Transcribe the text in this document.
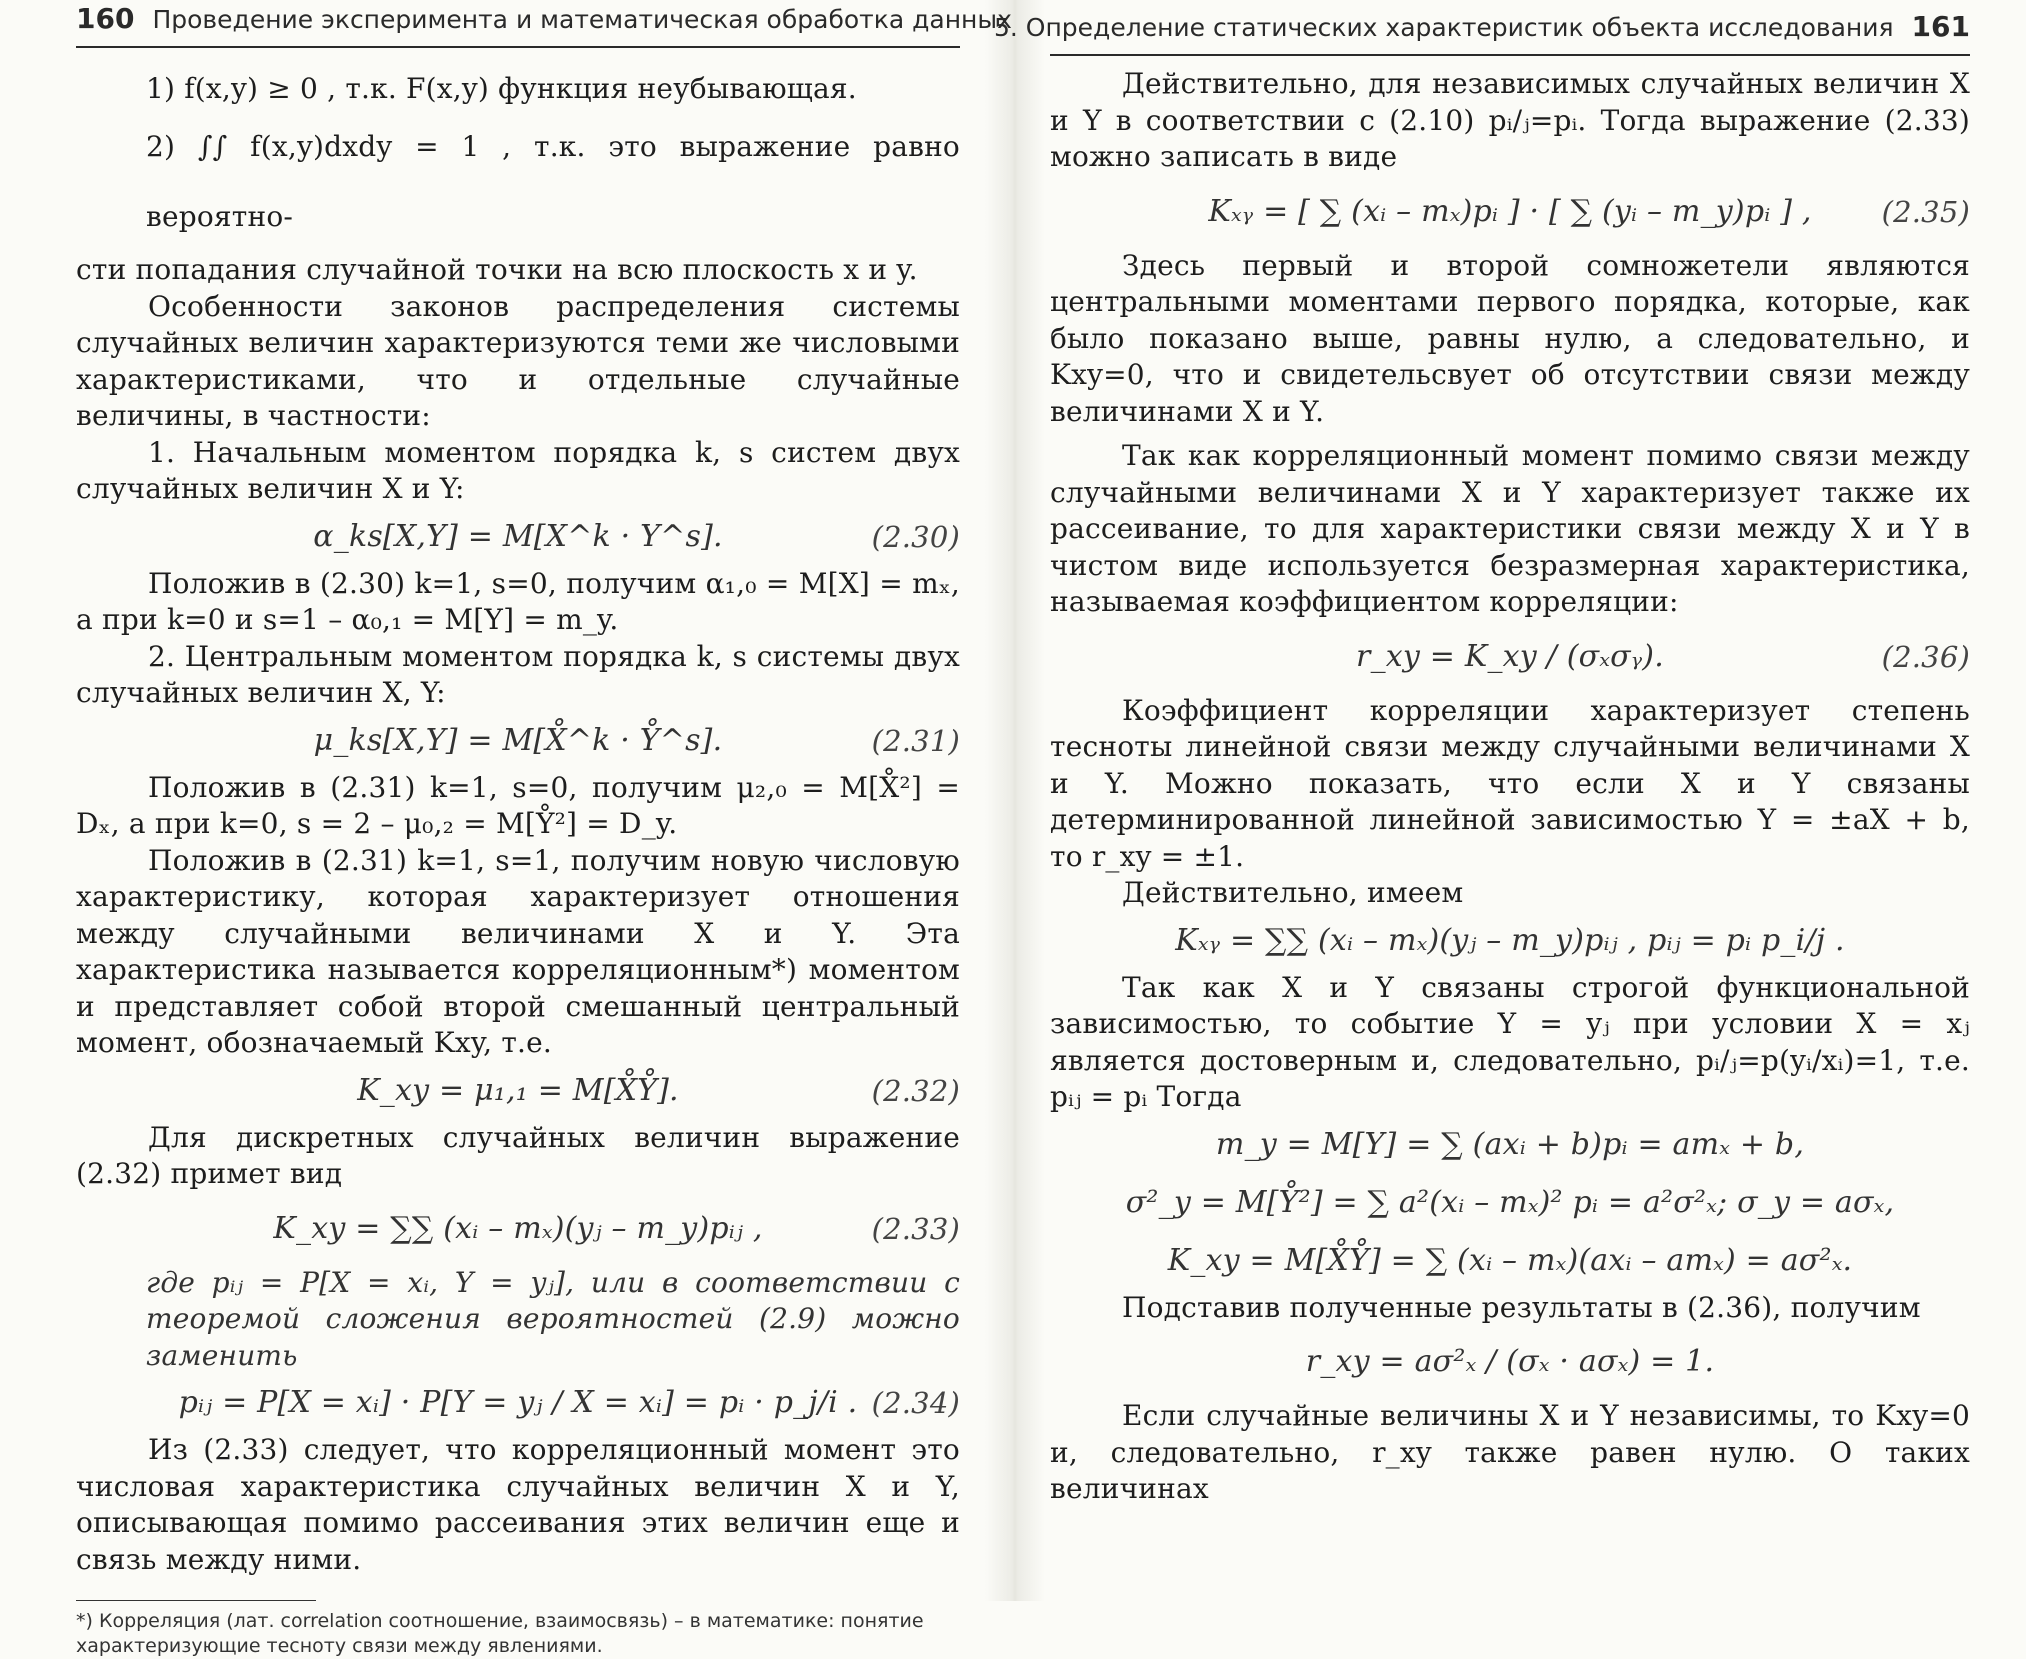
160 Проведение эксперимента и математическая обработка данных

1) f(x,y) ≥ 0 , т.к. F(x,y) функция неубывающая.

2) ∫∫ f(x,y)dxdy = 1 , т.к. это выражение равно вероятно-

сти попадания случайной точки на всю плоскость x и y.

Особенности законов распределения системы случайных величин характеризуются теми же числовыми характеристиками, что и отдельные случайные величины, в частности:

1. Начальным моментом порядка k, s систем двух случайных величин X и Y:

α_ks[X,Y] = M[X^k · Y^s].	(2.30)

Положив в (2.30) k=1, s=0, получим α₁,₀ = M[X] = mₓ, а при k=0 и s=1 – α₀,₁ = M[Y] = m_y.

2. Центральным моментом порядка k, s системы двух случайных величин X, Y:

μ_ks[X,Y] = M[X̊^k · Y̊^s].	(2.31)

Положив в (2.31) k=1, s=0, получим μ₂,₀ = M[X̊²] = Dₓ, а при k=0, s = 2 – μ₀,₂ = M[Y̊²] = D_y.

Положив в (2.31) k=1, s=1, получим новую числовую характеристику, которая характеризует отношения между случайными величинами X и Y. Эта характеристика называется корреляционным*) моментом и представляет собой второй смешанный центральный момент, обозначаемый Kxy, т.е.

K_xy = μ₁,₁ = M[X̊Y̊].	(2.32)

Для дискретных случайных величин выражение (2.32) примет вид

K_xy = ∑∑ (xᵢ – mₓ)(yⱼ – m_y)pᵢⱼ ,	(2.33)

где pᵢⱼ = P[X = xᵢ, Y = yⱼ], или в соответствии с теоремой сложения вероятностей (2.9) можно заменить

pᵢⱼ = P[X = xᵢ] · P[Y = yⱼ / X = xᵢ] = pᵢ · p_j/i . (2.34)

Из (2.33) следует, что корреляционный момент это числовая характеристика случайных величин X и Y, описывающая помимо рассеивания этих величин еще и связь между ними.

*) Корреляция (лат. correlation соотношение, взаимосвязь) – в математике: понятие характеризующие тесноту связи между явлениями.
5. Определение статических характеристик объекта исследования 161

Действительно, для независимых случайных величин X и Y в соответствии с (2.10) pᵢ/ⱼ=pᵢ. Тогда выражение (2.33) можно записать в виде

Kₓᵧ = [ ∑ (xᵢ – mₓ)pᵢ ] · [ ∑ (yᵢ – m_y)pᵢ ] , (2.35)

Здесь первый и второй сомножетели являются центральными моментами первого порядка, которые, как было показано выше, равны нулю, а следовательно, и Kxy=0, что и свидетельсвует об отсутствии связи между величинами X и Y.

Так как корреляционный момент помимо связи между случайными величинами X и Y характеризует также их рассеивание, то для характеристики связи между X и Y в чистом виде используется безразмерная характеристика, называемая коэффициентом корреляции:

r_xy = K_xy / (σₓσᵧ).	(2.36)

Коэффициент корреляции характеризует степень тесноты линейной связи между случайными величинами X и Y. Можно показать, что если X и Y связаны детерминированной линейной зависимостью Y = ±aX + b, то r_xy = ±1.

Действительно, имеем

Kₓᵧ = ∑∑ (xᵢ – mₓ)(yⱼ – m_y)pᵢⱼ , pᵢⱼ = pᵢ p_i/j .

Так как X и Y связаны строгой функциональной зависимостью, то событие Y = yⱼ при условии X = xⱼ является достоверным и, следовательно, pᵢ/ⱼ=p(yᵢ/xᵢ)=1, т.е. pᵢⱼ = pᵢ Тогда

m_y = M[Y] = ∑ (axᵢ + b)pᵢ = amₓ + b,
σ²_y = M[Y̊²] = ∑ a²(xᵢ – mₓ)² pᵢ = a²σ²ₓ; σ_y = aσₓ,
K_xy = M[X̊Y̊] = ∑ (xᵢ – mₓ)(axᵢ – amₓ) = aσ²ₓ.

Подставив полученные результаты в (2.36), получим

r_xy = aσ²ₓ / (σₓ · aσₓ) = 1.

Если случайные величины X и Y независимы, то Kxy=0 и, следовательно, r_xy также равен нулю. О таких величинах
